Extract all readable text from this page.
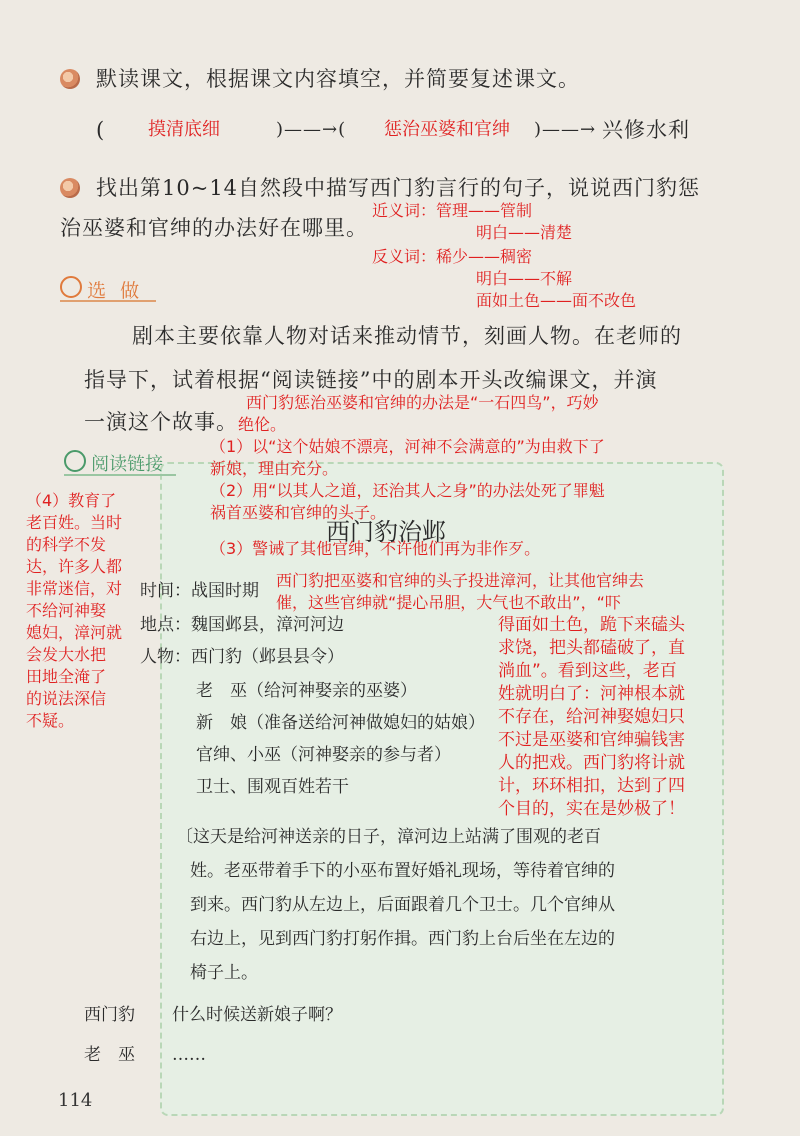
默读课文，根据课文内容填空，并简要复述课文。
( 摸清底细	)——→( 惩治巫婆和官绅 )——→ 兴修水利
找出第10~14自然段中描写西门豹言行的句子，说说西门豹惩
治巫婆和官绅的办法好在哪里。
近义词：管理——管制
明白——清楚
反义词：稀少——稠密
明白——不解
面如土色——面不改色
选 做
剧本主要依靠人物对话来推动情节，刻画人物。在老师的
指导下，试着根据“阅读链接”中的剧本开头改编课文，并演
一演这个故事。
西门豹惩治巫婆和官绅的办法是“一石四鸟”，巧妙
绝伦。
（1）以“这个姑娘不漂亮，河神不会满意的”为由救下了
新娘，理由充分。
（2）用“以其人之道，还治其人之身”的办法处死了罪魁
祸首巫婆和官绅的头子。
（3）警诫了其他官绅，不许他们再为非作歹。
阅读链接
（4）教育了
老百姓。当时
的科学不发
达，许多人都
非常迷信，对
不给河神娶
媳妇，漳河就
会发大水把
田地全淹了
的说法深信
不疑。
西门豹治邺
时间：战国时期
地点：魏国邺县，漳河河边
人物：西门豹（邺县县令）
老　巫（给河神娶亲的巫婆）
新　娘（准备送给河神做媳妇的姑娘）
官绅、小巫（河神娶亲的参与者）
卫士、围观百姓若干
西门豹把巫婆和官绅的头子投进漳河，让其他官绅去
催，这些官绅就“提心吊胆，大气也不敢出”，“吓
得面如土色，跪下来磕头
求饶，把头都磕破了，直
淌血”。看到这些，老百
姓就明白了：河神根本就
不存在，给河神娶媳妇只
不过是巫婆和官绅骗钱害
人的把戏。西门豹将计就
计，环环相扣，达到了四
个目的，实在是妙极了！
〔这天是给河神送亲的日子，漳河边上站满了围观的老百
姓。老巫带着手下的小巫布置好婚礼现场，等待着官绅的
到来。西门豹从左边上，后面跟着几个卫士。几个官绅从
右边上，见到西门豹打躬作揖。西门豹上台后坐在左边的
椅子上。
西门豹 什么时候送新娘子啊？
老　巫 ……
114
